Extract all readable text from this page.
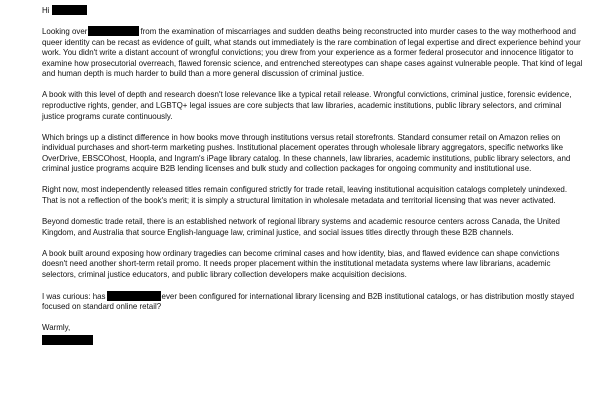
Hi

Looking over	from the examination of miscarriages and sudden deaths being reconstructed into murder cases to the way motherhood and queer identity can be recast as evidence of guilt, what stands out immediately is the rare combination of legal expertise and direct experience behind your work. You didn't write a distant account of wrongful convictions; you drew from your experience as a former federal prosecutor and innocence litigator to examine how prosecutorial overreach, flawed forensic science, and entrenched stereotypes can shape cases against vulnerable people. That kind of legal and human depth is much harder to build than a more general discussion of criminal justice.

A book with this level of depth and research doesn't lose relevance like a typical retail release. Wrongful convictions, criminal justice, forensic evidence, reproductive rights, gender, and LGBTQ+ legal issues are core subjects that law libraries, academic institutions, public library selectors, and criminal justice programs curate continuously.

Which brings up a distinct difference in how books move through institutions versus retail storefronts. Standard consumer retail on Amazon relies on individual purchases and short-term marketing pushes. Institutional placement operates through wholesale library aggregators, specific networks like OverDrive, EBSCOhost, Hoopla, and Ingram's iPage library catalog. In these channels, law libraries, academic institutions, public library selectors, and criminal justice programs acquire B2B lending licenses and bulk study and collection packages for ongoing community and institutional use.

Right now, most independently released titles remain configured strictly for trade retail, leaving institutional acquisition catalogs completely unindexed. That is not a reflection of the book's merit; it is simply a structural limitation in wholesale metadata and territorial licensing that was never activated.

Beyond domestic trade retail, there is an established network of regional library systems and academic resource centers across Canada, the United Kingdom, and Australia that source English-language law, criminal justice, and social issues titles directly through these B2B channels.

A book built around exposing how ordinary tragedies can become criminal cases and how identity, bias, and flawed evidence can shape convictions doesn't need another short-term retail promo. It needs proper placement within the institutional metadata systems where law librarians, academic selectors, criminal justice educators, and public library collection developers make acquisition decisions.

I was curious: has	ever been configured for international library licensing and B2B institutional catalogs, or has distribution mostly stayed focused on standard online retail?

Warmly,
